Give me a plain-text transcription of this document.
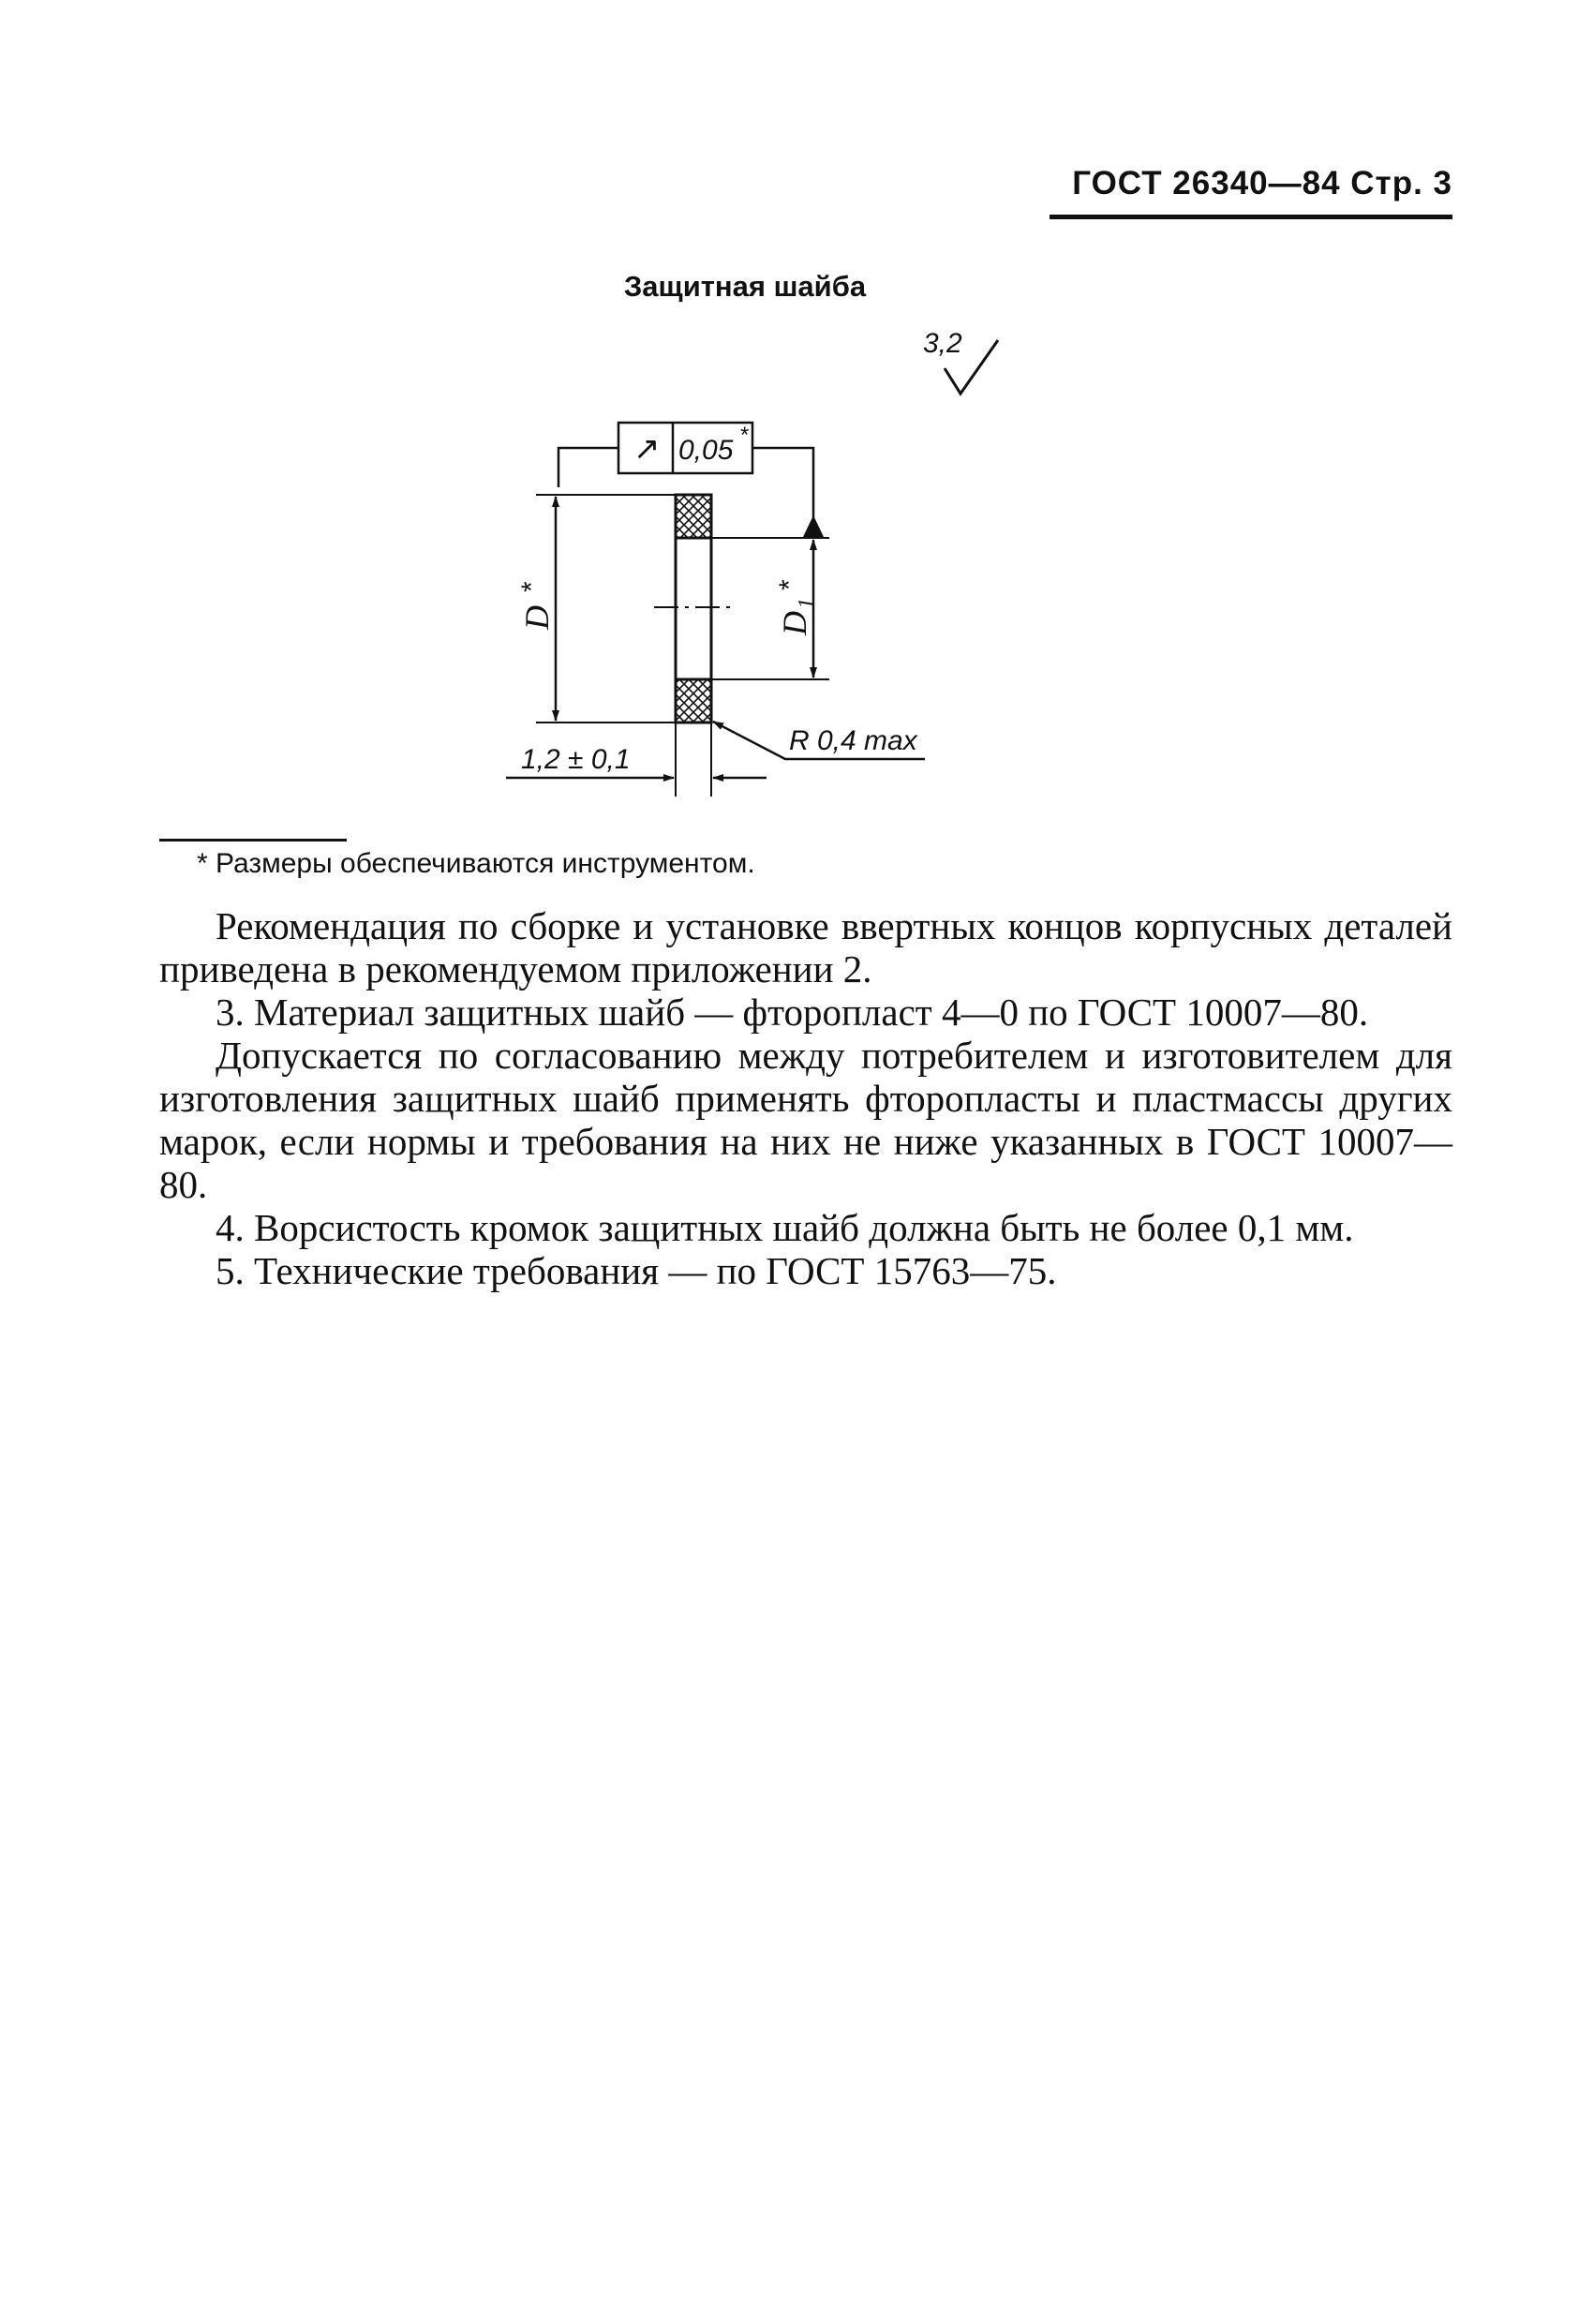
ГОСТ 26340—84 Стр. 3
Защитная шайба
3,2
↗ 0,05 *
D
*
D
1
*
1,2 ± 0,1
R 0,4 max
* Размеры обеспечиваются инструментом.

Рекомендация по сборке и установке ввертных концов корпусных деталей приведена в рекомендуемом приложении 2.

3. Материал защитных шайб — фторопласт 4—0 по ГОСТ 10007—80.

Допускается по согласованию между потребителем и изготовителем для изготовления защитных шайб применять фторопласты и пластмассы других марок, если нормы и требования на них не ниже указанных в ГОСТ 10007—80.

4. Ворсистость кромок защитных шайб должна быть не более 0,1 мм.

5. Технические требования — по ГОСТ 15763—75.
